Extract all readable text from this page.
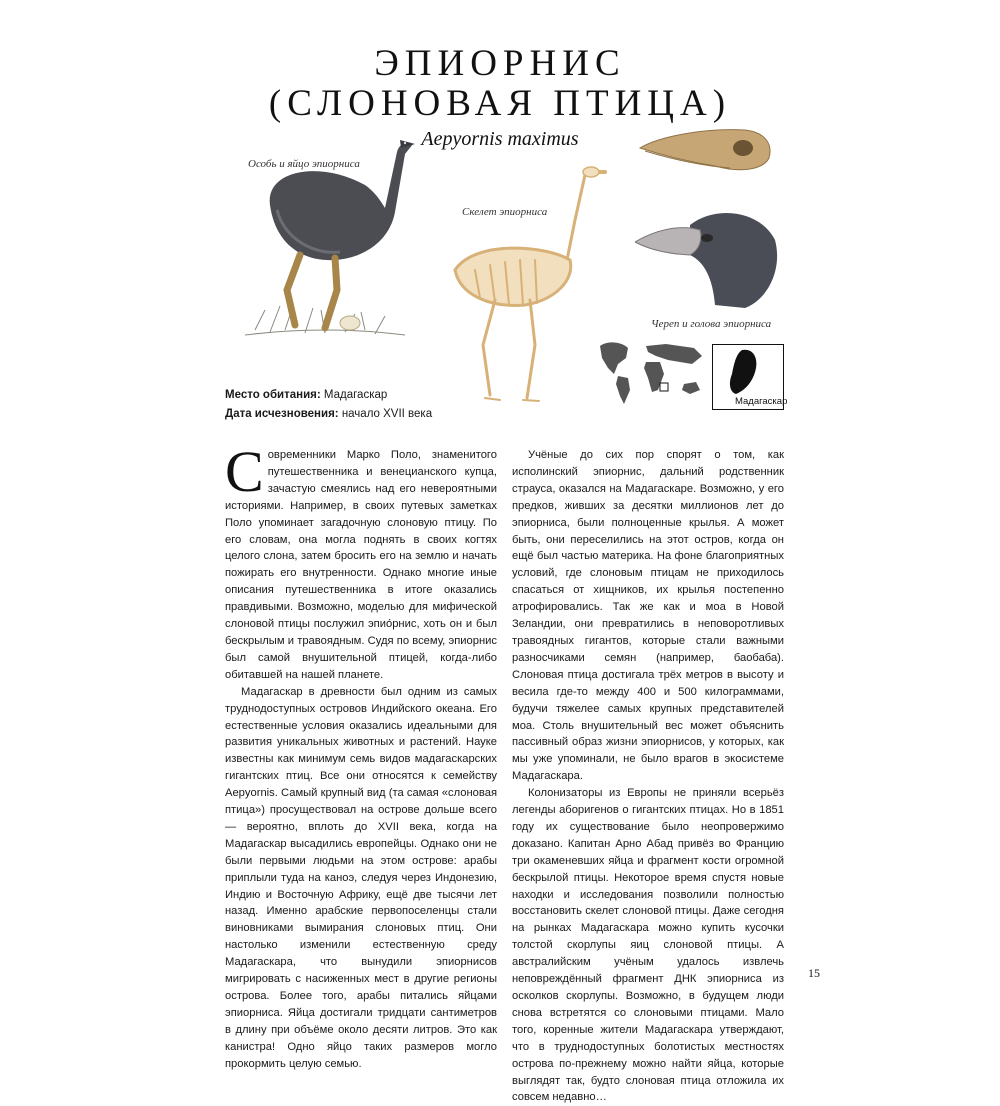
ЭПИОРНИС
(СЛОНОВАЯ ПТИЦА)
Aepyornis maximus
Особь и яйцо эпиорниса
Скелет эпиорниса
Череп и голова эпиорниса
Мадагаскар
Место обитания: Мадагаскар
Дата исчезновения: начало XVII века

Современники Марко Поло, знаменитого путешественника и венецианского купца, зачастую смеялись над его невероятными историями. Например, в своих путевых заметках Поло упоминает загадочную слоновую птицу. По его словам, она могла поднять в своих когтях целого слона, затем бросить его на землю и начать пожирать его внутренности. Однако многие иные описания путешественника в итоге оказались правдивыми. Возможно, моделью для мифической слоновой птицы послужил эпио́рнис, хоть он и был бескрылым и травоядным. Судя по всему, эпиорнис был самой внушительной птицей, когда-либо обитавшей на нашей планете.

Мадагаскар в древности был одним из самых труднодоступных островов Индийского океана. Его естественные условия оказались идеальными для развития уникальных животных и растений. Науке известны как минимум семь видов мадагаскарских гигантских птиц. Все они относятся к семейству Aepyornis. Самый крупный вид (та самая «слоновая птица») просуществовал на острове дольше всего — вероятно, вплоть до XVII века, когда на Мадагаскар высадились европейцы. Однако они не были первыми людьми на этом острове: арабы приплыли туда на каноэ, следуя через Индонезию, Индию и Восточную Африку, ещё две тысячи лет назад. Именно арабские первопоселенцы стали виновниками вымирания слоновых птиц. Они настолько изменили естественную среду Мадагаскара, что вынудили эпиорнисов мигрировать с насиженных мест в другие регионы острова. Более того, арабы питались яйцами эпиорниса. Яйца достигали тридцати сантиметров в длину при объёме около десяти литров. Это как канистра! Одно яйцо таких размеров могло прокормить целую семью.

Учёные до сих пор спорят о том, как исполинский эпиорнис, дальний родственник страуса, оказался на Мадагаскаре. Возможно, у его предков, живших за десятки миллионов лет до эпиорниса, были полноценные крылья. А может быть, они переселились на этот остров, когда он ещё был частью материка. На фоне благоприятных условий, где слоновым птицам не приходилось спасаться от хищников, их крылья постепенно атрофировались. Так же как и моа в Новой Зеландии, они превратились в неповоротливых травоядных гигантов, которые стали важными разносчиками семян (например, баобаба). Слоновая птица достигала трёх метров в высоту и весила где-то между 400 и 500 килограммами, будучи тяжелее самых крупных представителей моа. Столь внушительный вес может объяснить пассивный образ жизни эпиорнисов, у которых, как мы уже упоминали, не было врагов в экосистеме Мадагаскара.

Колонизаторы из Европы не приняли всерьёз легенды аборигенов о гигантских птицах. Но в 1851 году их существование было неопровержимо доказано. Капитан Арно Абад привёз во Францию три окаменевших яйца и фрагмент кости огромной бескрылой птицы. Некоторое время спустя новые находки и исследования позволили полностью восстановить скелет слоновой птицы. Даже сегодня на рынках Мадагаскара можно купить кусочки толстой скорлупы яиц слоновой птицы. А австралийским учёным удалось извлечь неповреждённый фрагмент ДНК эпиорниса из осколков скорлупы. Возможно, в будущем люди снова встретятся со слоновыми птицами. Мало того, коренные жители Мадагаскара утверждают, что в труднодоступных болотистых местностях острова по-прежнему можно найти яйца, которые выглядят так, будто слоновая птица отложила их совсем недавно…

15
